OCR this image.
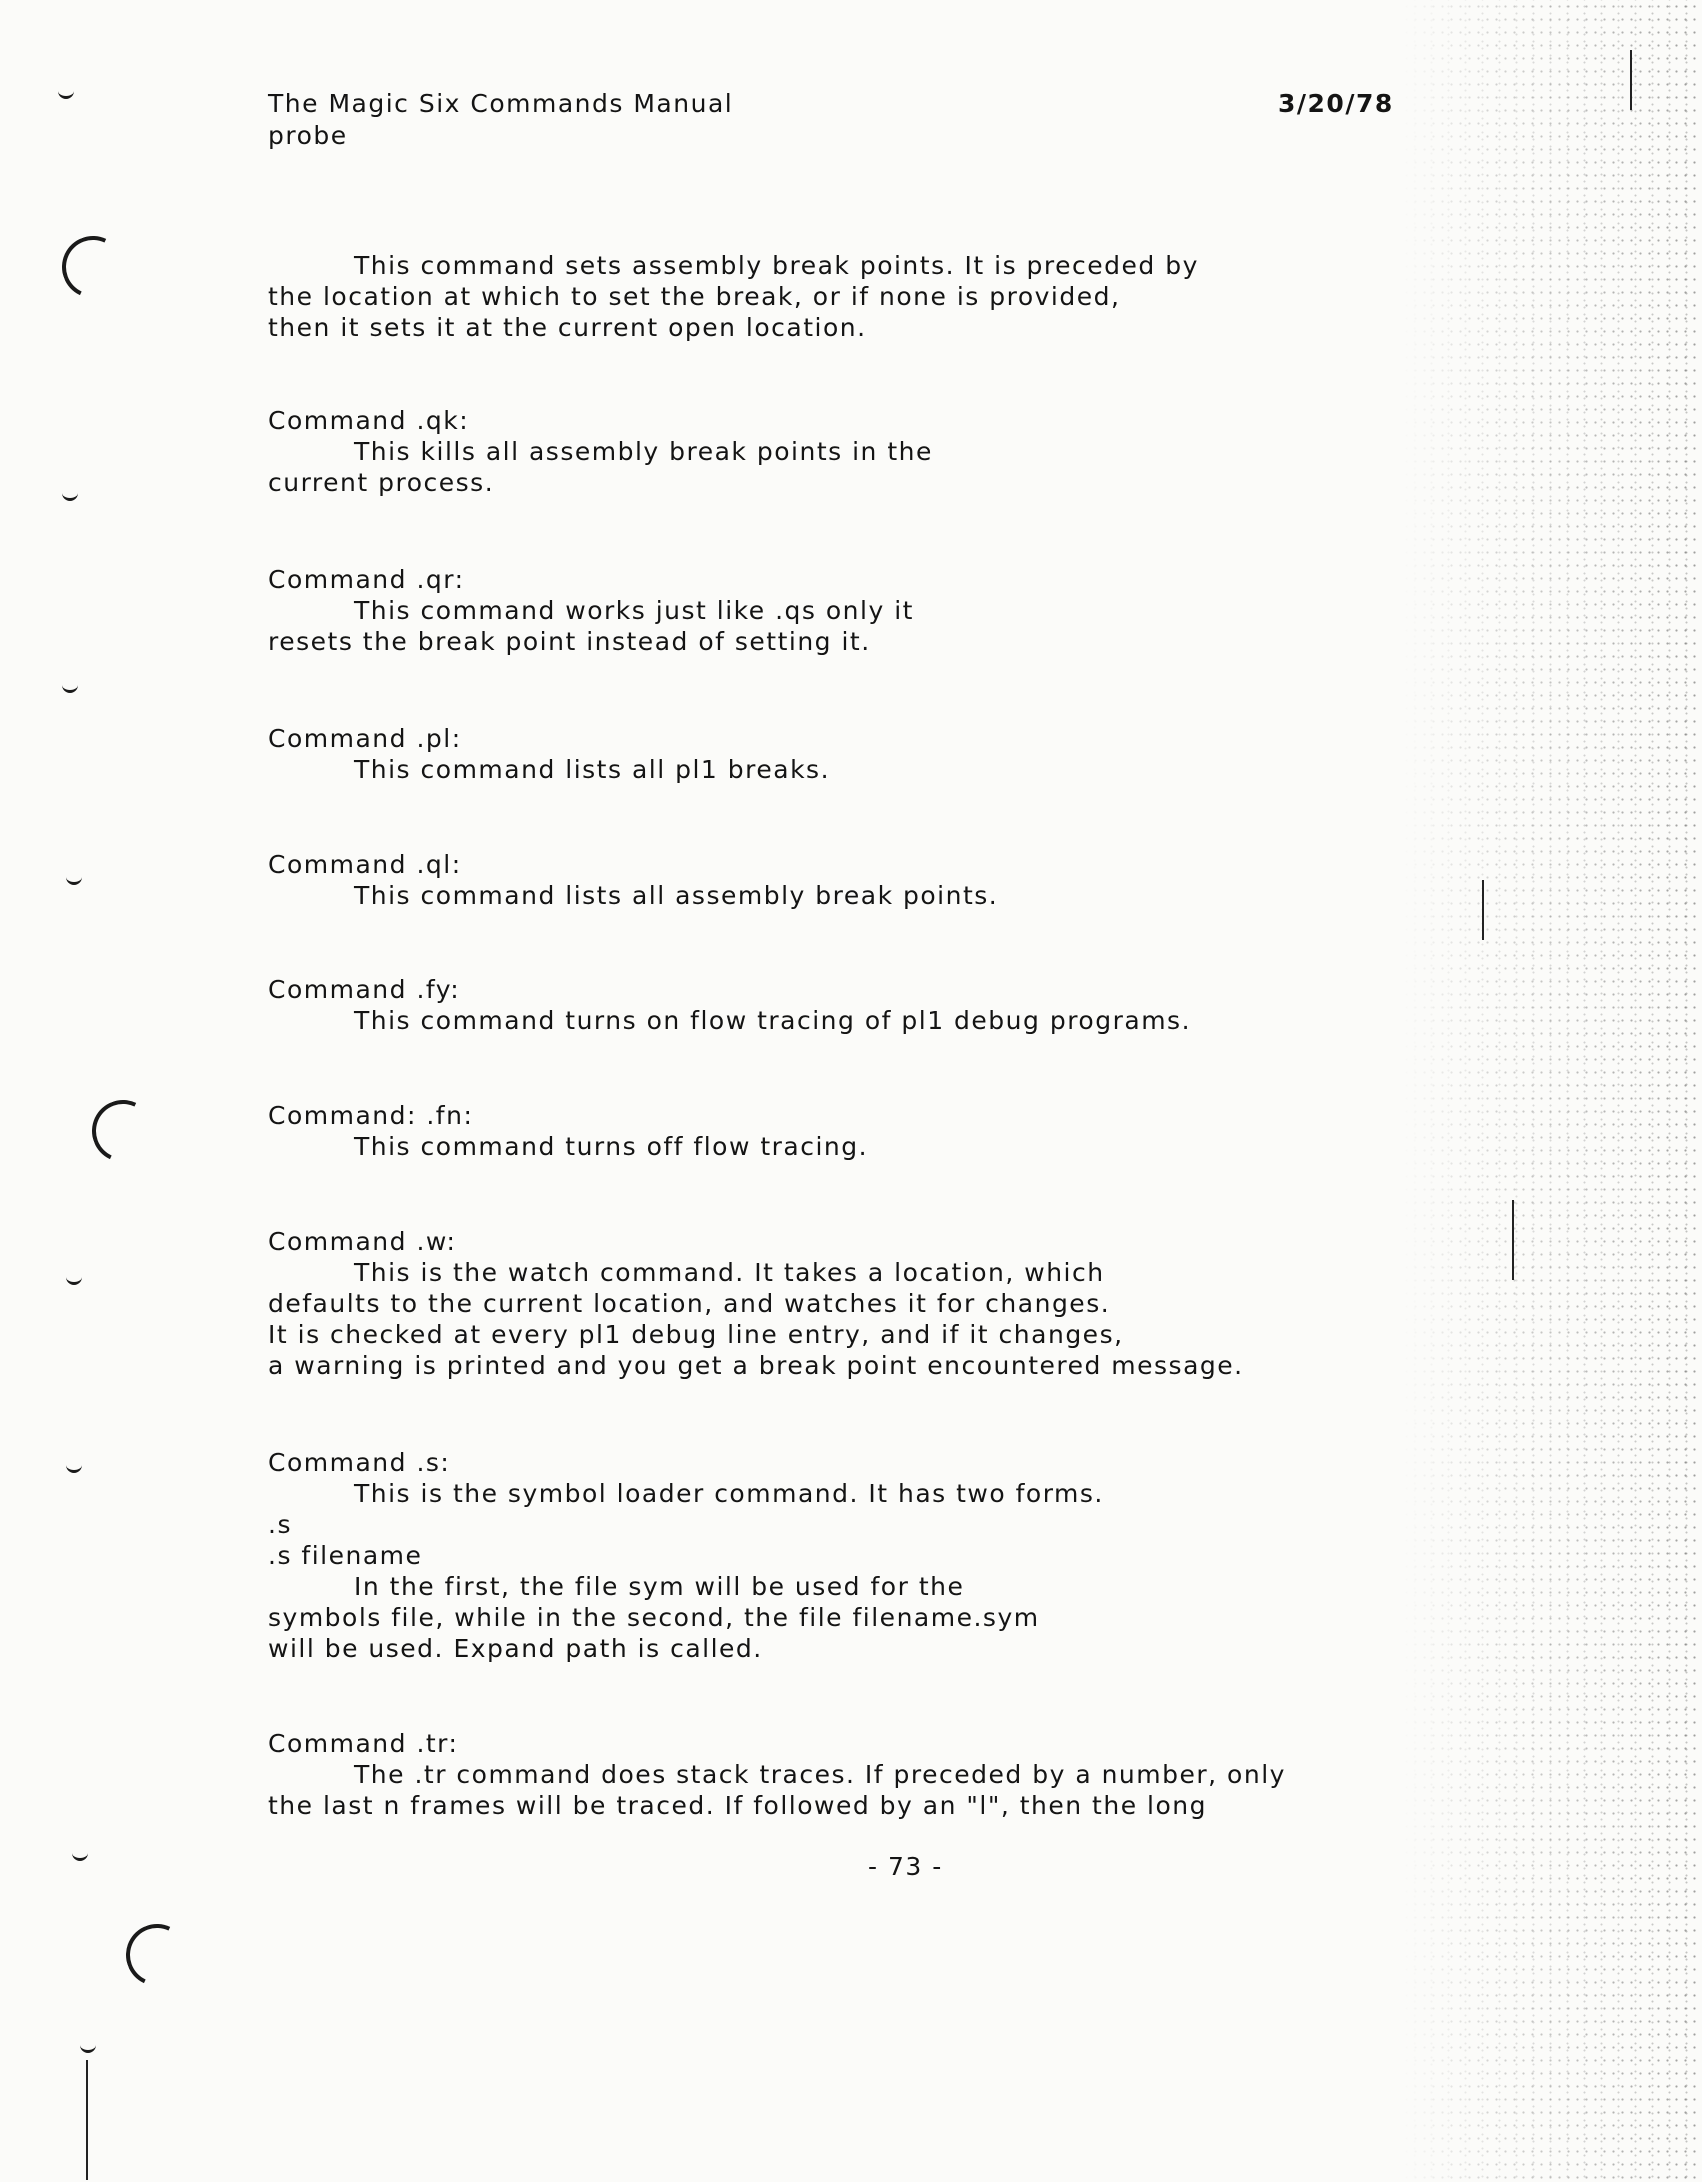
The Magic Six Commands Manual
probe
3/20/78
This command sets assembly break points. It is preceded by
the location at which to set the break, or if none is provided,
then it sets it at the current open location.
Command .qk:
This kills all assembly break points in the
current process.
Command .qr:
This command works just like .qs only it
resets the break point instead of setting it.
Command .pl:
This command lists all pl1 breaks.
Command .ql:
This command lists all assembly break points.
Command .fy:
This command turns on flow tracing of pl1 debug programs.
Command: .fn:
This command turns off flow tracing.
Command .w:
This is the watch command. It takes a location, which
defaults to the current location, and watches it for changes.
It is checked at every pl1 debug line entry, and if it changes,
a warning is printed and you get a break point encountered message.
Command .s:
This is the symbol loader command. It has two forms.
.s
.s filename
In the first, the file sym will be used for the
symbols file, while in the second, the file filename.sym
will be used. Expand path is called.
Command .tr:
The .tr command does stack traces. If preceded by a number, only
the last n frames will be traced. If followed by an "l", then the long
- 73 -
